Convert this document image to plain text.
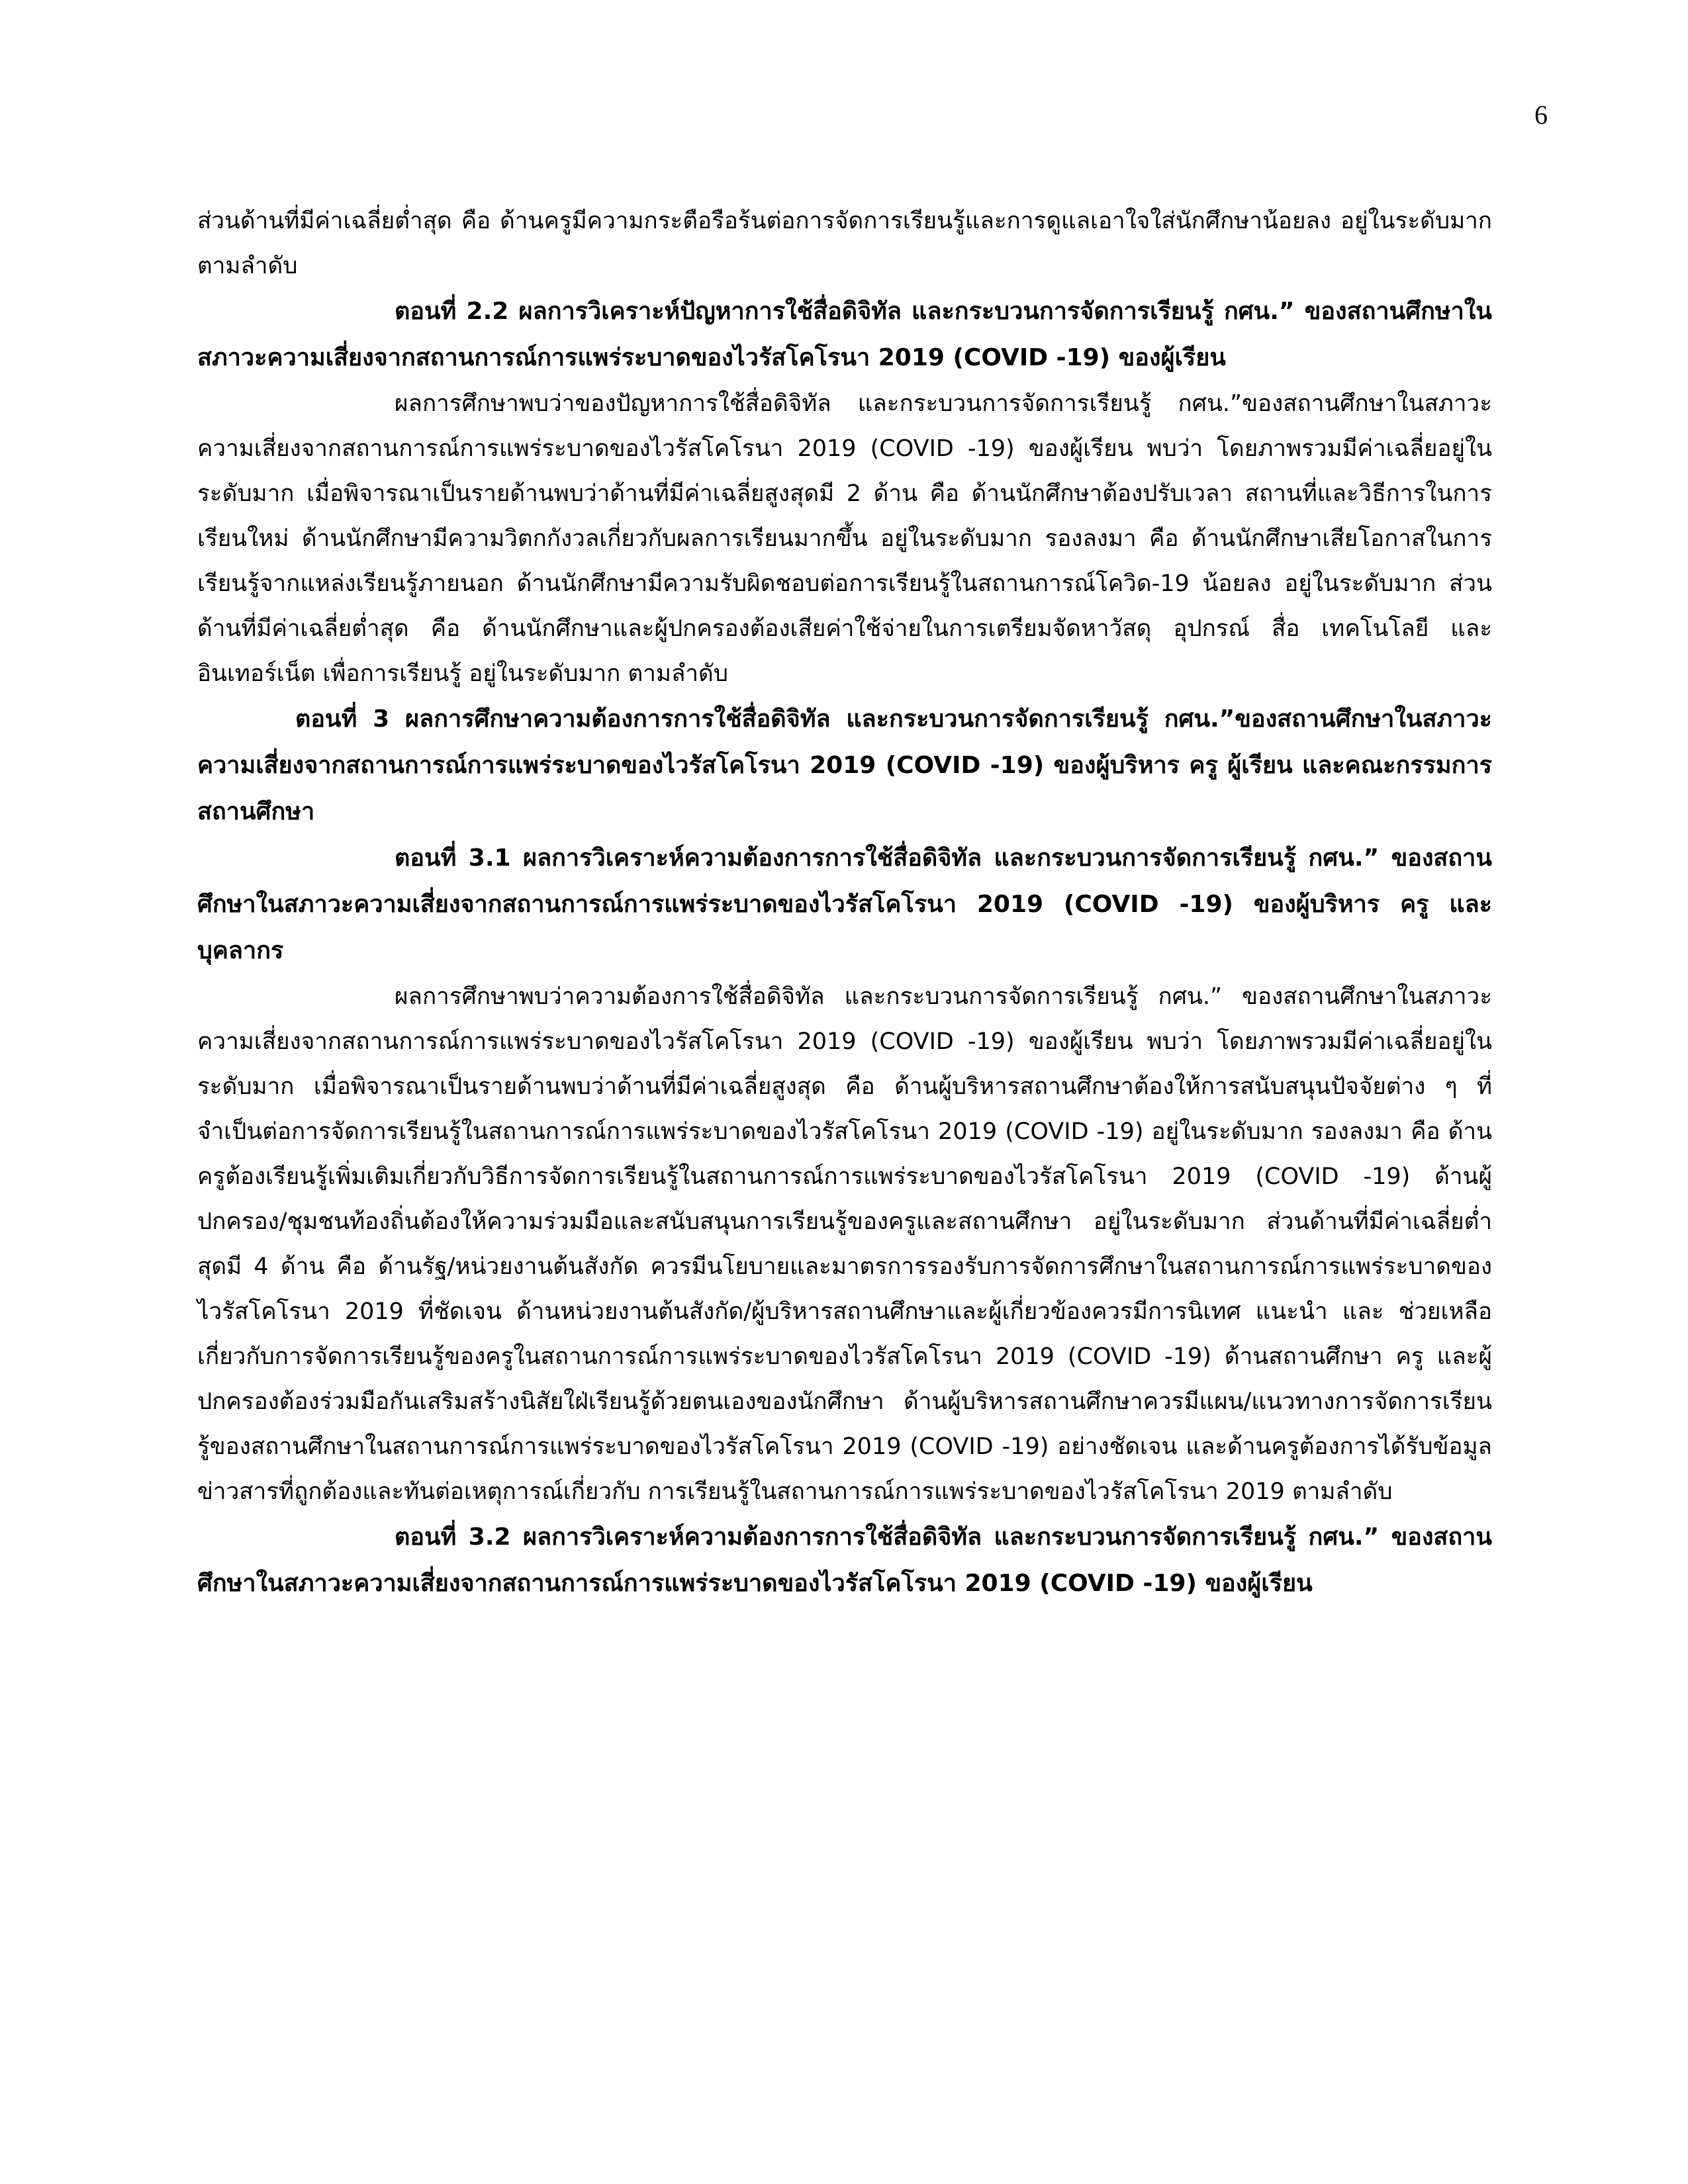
6

ส่วนด้านที่มีค่าเฉลี่ยต่ำสุด คือ ด้านครูมีความกระตือรือร้นต่อการจัดการเรียนรู้และการดูแลเอาใจใส่นักศึกษาน้อยลง อยู่ในระดับมาก ตามลำดับ

ตอนที่ 2.2 ผลการวิเคราะห์ปัญหาการใช้สื่อดิจิทัล และกระบวนการจัดการเรียนรู้ กศน.” ของสถานศึกษาในสภาวะความเสี่ยงจากสถานการณ์การแพร่ระบาดของไวรัสโคโรนา 2019 (COVID -19) ของผู้เรียน

ผลการศึกษาพบว่าของปัญหาการใช้สื่อดิจิทัล และกระบวนการจัดการเรียนรู้ กศน.”ของสถานศึกษาในสภาวะความเสี่ยงจากสถานการณ์การแพร่ระบาดของไวรัสโคโรนา 2019 (COVID -19) ของผู้เรียน พบว่า โดยภาพรวมมีค่าเฉลี่ยอยู่ในระดับมาก เมื่อพิจารณาเป็นรายด้านพบว่าด้านที่มีค่าเฉลี่ยสูงสุดมี 2 ด้าน คือ ด้านนักศึกษาต้องปรับเวลา สถานที่และวิธีการในการเรียนใหม่ ด้านนักศึกษามีความวิตกกังวลเกี่ยวกับผลการเรียนมากขึ้น อยู่ในระดับมาก รองลงมา คือ ด้านนักศึกษาเสียโอกาสในการเรียนรู้จากแหล่งเรียนรู้ภายนอก ด้านนักศึกษามีความรับผิดชอบต่อการเรียนรู้ในสถานการณ์โควิด-19 น้อยลง อยู่ในระดับมาก ส่วนด้านที่มีค่าเฉลี่ยต่ำสุด คือ ด้านนักศึกษาและผู้ปกครองต้องเสียค่าใช้จ่ายในการเตรียมจัดหาวัสดุ อุปกรณ์ สื่อ เทคโนโลยี และอินเทอร์เน็ต เพื่อการเรียนรู้ อยู่ในระดับมาก ตามลำดับ

ตอนที่ 3 ผลการศึกษาความต้องการการใช้สื่อดิจิทัล และกระบวนการจัดการเรียนรู้ กศน.”ของสถานศึกษาในสภาวะความเสี่ยงจากสถานการณ์การแพร่ระบาดของไวรัสโคโรนา 2019 (COVID -19) ของผู้บริหาร ครู ผู้เรียน และคณะกรรมการสถานศึกษา

ตอนที่ 3.1 ผลการวิเคราะห์ความต้องการการใช้สื่อดิจิทัล และกระบวนการจัดการเรียนรู้ กศน.” ของสถานศึกษาในสภาวะความเสี่ยงจากสถานการณ์การแพร่ระบาดของไวรัสโคโรนา 2019 (COVID -19) ของผู้บริหาร ครู และบุคลากร

ผลการศึกษาพบว่าความต้องการใช้สื่อดิจิทัล และกระบวนการจัดการเรียนรู้ กศน.” ของสถานศึกษาในสภาวะความเสี่ยงจากสถานการณ์การแพร่ระบาดของไวรัสโคโรนา 2019 (COVID -19) ของผู้เรียน พบว่า โดยภาพรวมมีค่าเฉลี่ยอยู่ในระดับมาก เมื่อพิจารณาเป็นรายด้านพบว่าด้านที่มีค่าเฉลี่ยสูงสุด คือ ด้านผู้บริหารสถานศึกษาต้องให้การสนับสนุนปัจจัยต่าง ๆ ที่จำเป็นต่อการจัดการเรียนรู้ในสถานการณ์การแพร่ระบาดของไวรัสโคโรนา 2019 (COVID -19) อยู่ในระดับมาก รองลงมา คือ ด้านครูต้องเรียนรู้เพิ่มเติมเกี่ยวกับวิธีการจัดการเรียนรู้ในสถานการณ์การแพร่ระบาดของไวรัสโคโรนา 2019 (COVID -19) ด้านผู้ปกครอง/ชุมชนท้องถิ่นต้องให้ความร่วมมือและสนับสนุนการเรียนรู้ของครูและสถานศึกษา อยู่ในระดับมาก ส่วนด้านที่มีค่าเฉลี่ยต่ำสุดมี 4 ด้าน คือ ด้านรัฐ/หน่วยงานต้นสังกัด ควรมีนโยบายและมาตรการรองรับการจัดการศึกษาในสถานการณ์การแพร่ระบาดของไวรัสโคโรนา 2019 ที่ชัดเจน ด้านหน่วยงานต้นสังกัด/ผู้บริหารสถานศึกษาและผู้เกี่ยวข้องควรมีการนิเทศ แนะนำ และ ช่วยเหลือเกี่ยวกับการจัดการเรียนรู้ของครูในสถานการณ์การแพร่ระบาดของไวรัสโคโรนา 2019 (COVID -19) ด้านสถานศึกษา ครู และผู้ปกครองต้องร่วมมือกันเสริมสร้างนิสัยใฝ่เรียนรู้ด้วยตนเองของนักศึกษา ด้านผู้บริหารสถานศึกษาควรมีแผน/แนวทางการจัดการเรียนรู้ของสถานศึกษาในสถานการณ์การแพร่ระบาดของไวรัสโคโรนา 2019 (COVID -19) อย่างชัดเจน และด้านครูต้องการได้รับข้อมูลข่าวสารที่ถูกต้องและทันต่อเหตุการณ์เกี่ยวกับ การเรียนรู้ในสถานการณ์การแพร่ระบาดของไวรัสโคโรนา 2019 ตามลำดับ

ตอนที่ 3.2 ผลการวิเคราะห์ความต้องการการใช้สื่อดิจิทัล และกระบวนการจัดการเรียนรู้ กศน.” ของสถานศึกษาในสภาวะความเสี่ยงจากสถานการณ์การแพร่ระบาดของไวรัสโคโรนา 2019 (COVID -19) ของผู้เรียน
